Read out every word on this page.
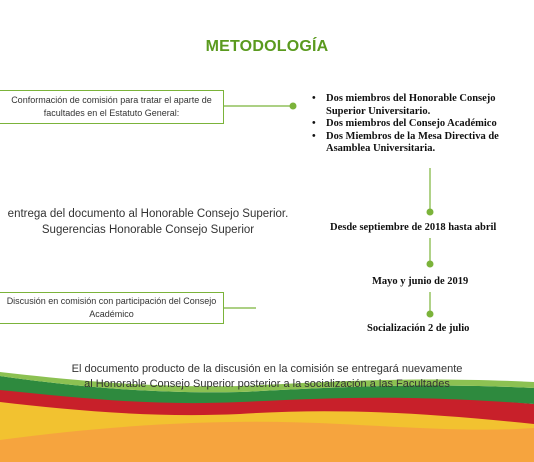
METODOLOGÍA
Conformación de comisión para tratar el aparte de facultades en el Estatuto General:
• Dos miembros del Honorable Consejo
Superior Universitario.
• Dos miembros del Consejo Académico
• Dos Miembros de la Mesa Directiva de
Asamblea Universitaria.
entrega del documento al Honorable Consejo Superior.
Sugerencias Honorable Consejo Superior	Desde septiembre de 2018 hasta abril
Mayo y junio de 2019
Socialización 2 de julio
Discusión en comisión con participación del Consejo Académico
El documento producto de la discusión en la comisión se entregará nuevamente
al Honorable Consejo Superior posterior a la socialización a las Facultades
